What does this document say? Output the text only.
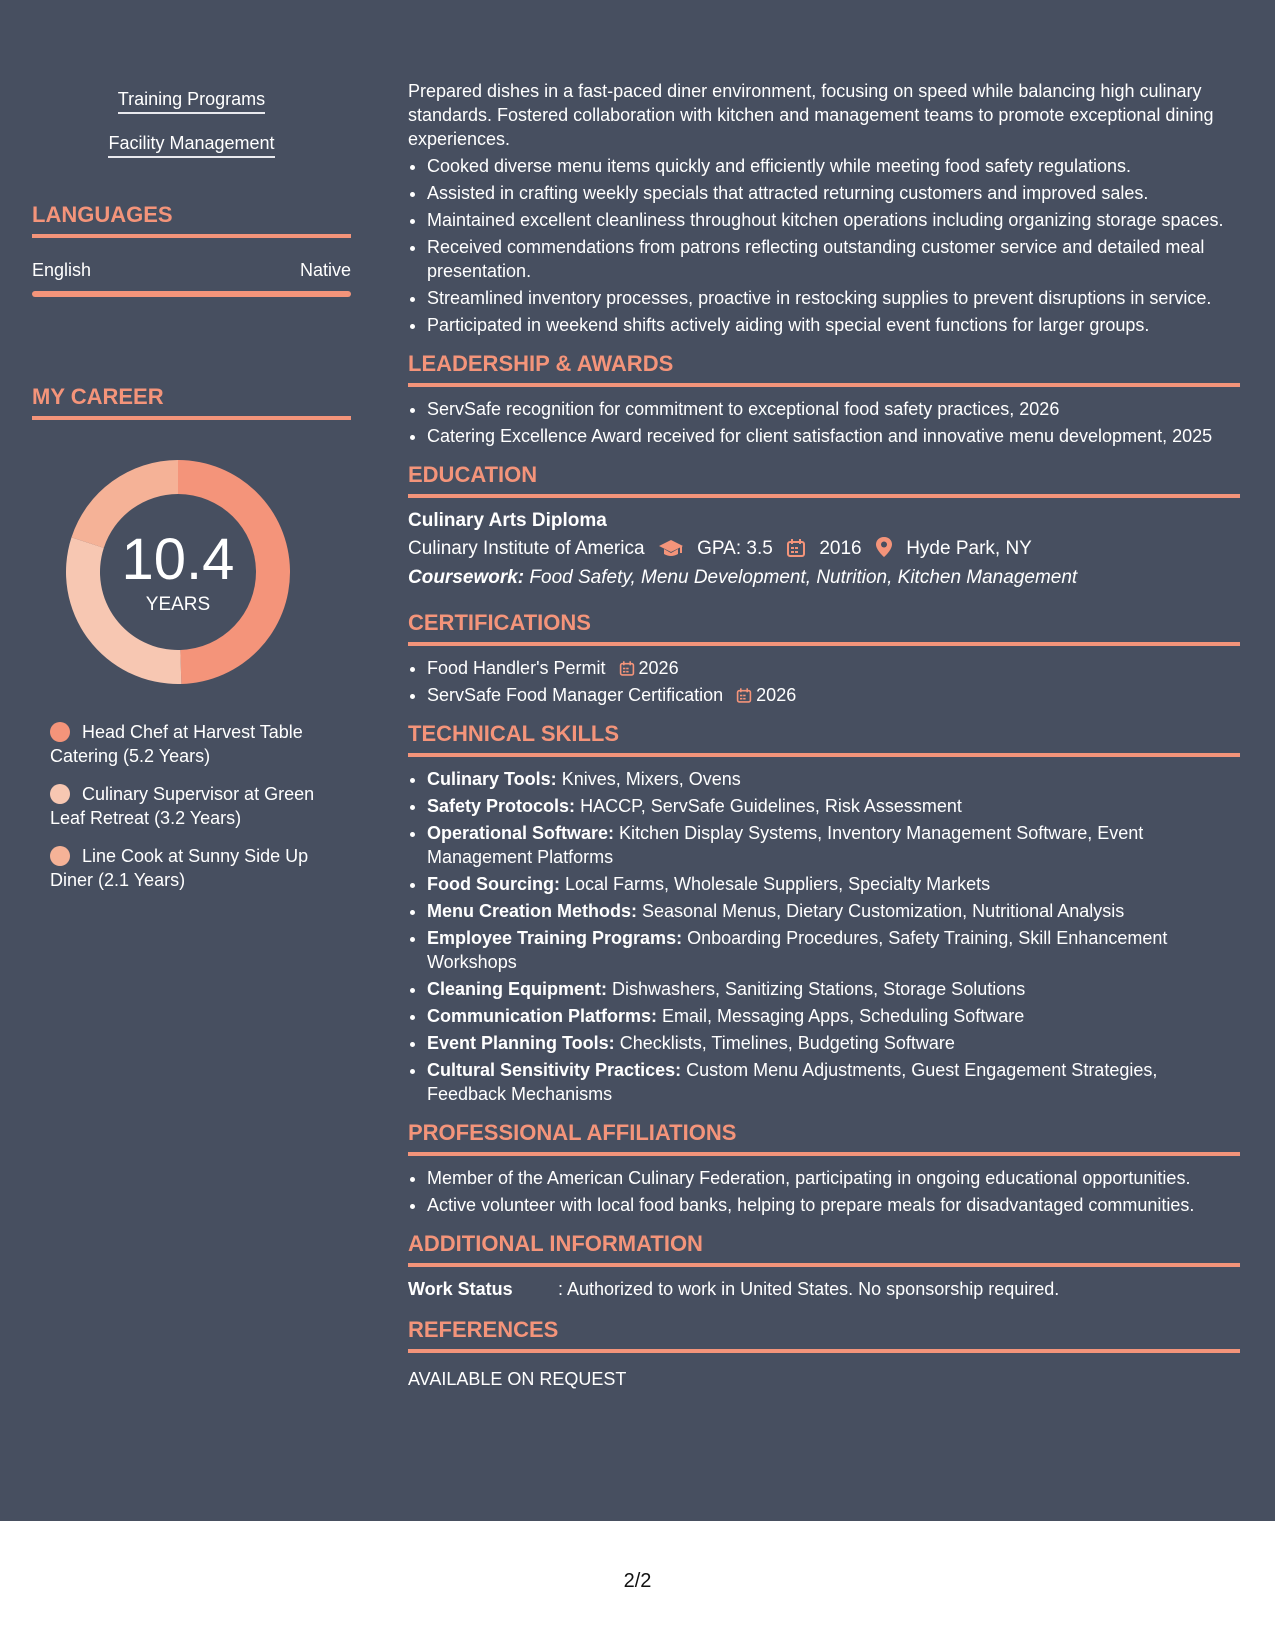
Training Programs
Facility Management
LANGUAGES
English	Native
MY CAREER
10.4
YEARS
Head Chef at Harvest Table Catering (5.2 Years)
Culinary Supervisor at Green Leaf Retreat (3.2 Years)
Line Cook at Sunny Side Up Diner (2.1 Years)

Prepared dishes in a fast-paced diner environment, focusing on speed while balancing high culinary standards. Fostered collaboration with kitchen and management teams to promote exceptional dining experiences.

• Cooked diverse menu items quickly and efficiently while meeting food safety regulations.
• Assisted in crafting weekly specials that attracted returning customers and improved sales.
• Maintained excellent cleanliness throughout kitchen operations including organizing storage spaces.
• Received commendations from patrons reflecting outstanding customer service and detailed meal presentation.
• Streamlined inventory processes, proactive in restocking supplies to prevent disruptions in service.
• Participated in weekend shifts actively aiding with special event functions for larger groups.
LEADERSHIP & AWARDS
• ServSafe recognition for commitment to exceptional food safety practices, 2026
• Catering Excellence Award received for client satisfaction and innovative menu development, 2025
EDUCATION
Culinary Arts Diploma
Culinary Institute of America	GPA: 3.5 2016 Hyde Park, NY
Coursework: Food Safety, Menu Development, Nutrition, Kitchen Management
CERTIFICATIONS
• Food Handler's Permit 2026
• ServSafe Food Manager Certification 2026
TECHNICAL SKILLS
• Culinary Tools: Knives, Mixers, Ovens
• Safety Protocols: HACCP, ServSafe Guidelines, Risk Assessment
• Operational Software: Kitchen Display Systems, Inventory Management Software, Event Management Platforms
• Food Sourcing: Local Farms, Wholesale Suppliers, Specialty Markets
• Menu Creation Methods: Seasonal Menus, Dietary Customization, Nutritional Analysis
• Employee Training Programs: Onboarding Procedures, Safety Training, Skill Enhancement Workshops
• Cleaning Equipment: Dishwashers, Sanitizing Stations, Storage Solutions
• Communication Platforms: Email, Messaging Apps, Scheduling Software
• Event Planning Tools: Checklists, Timelines, Budgeting Software
• Cultural Sensitivity Practices: Custom Menu Adjustments, Guest Engagement Strategies, Feedback Mechanisms
PROFESSIONAL AFFILIATIONS
• Member of the American Culinary Federation, participating in ongoing educational opportunities.
• Active volunteer with local food banks, helping to prepare meals for disadvantaged communities.
ADDITIONAL INFORMATION
Work Status	: Authorized to work in United States. No sponsorship required.
REFERENCES
AVAILABLE ON REQUEST
2/2
